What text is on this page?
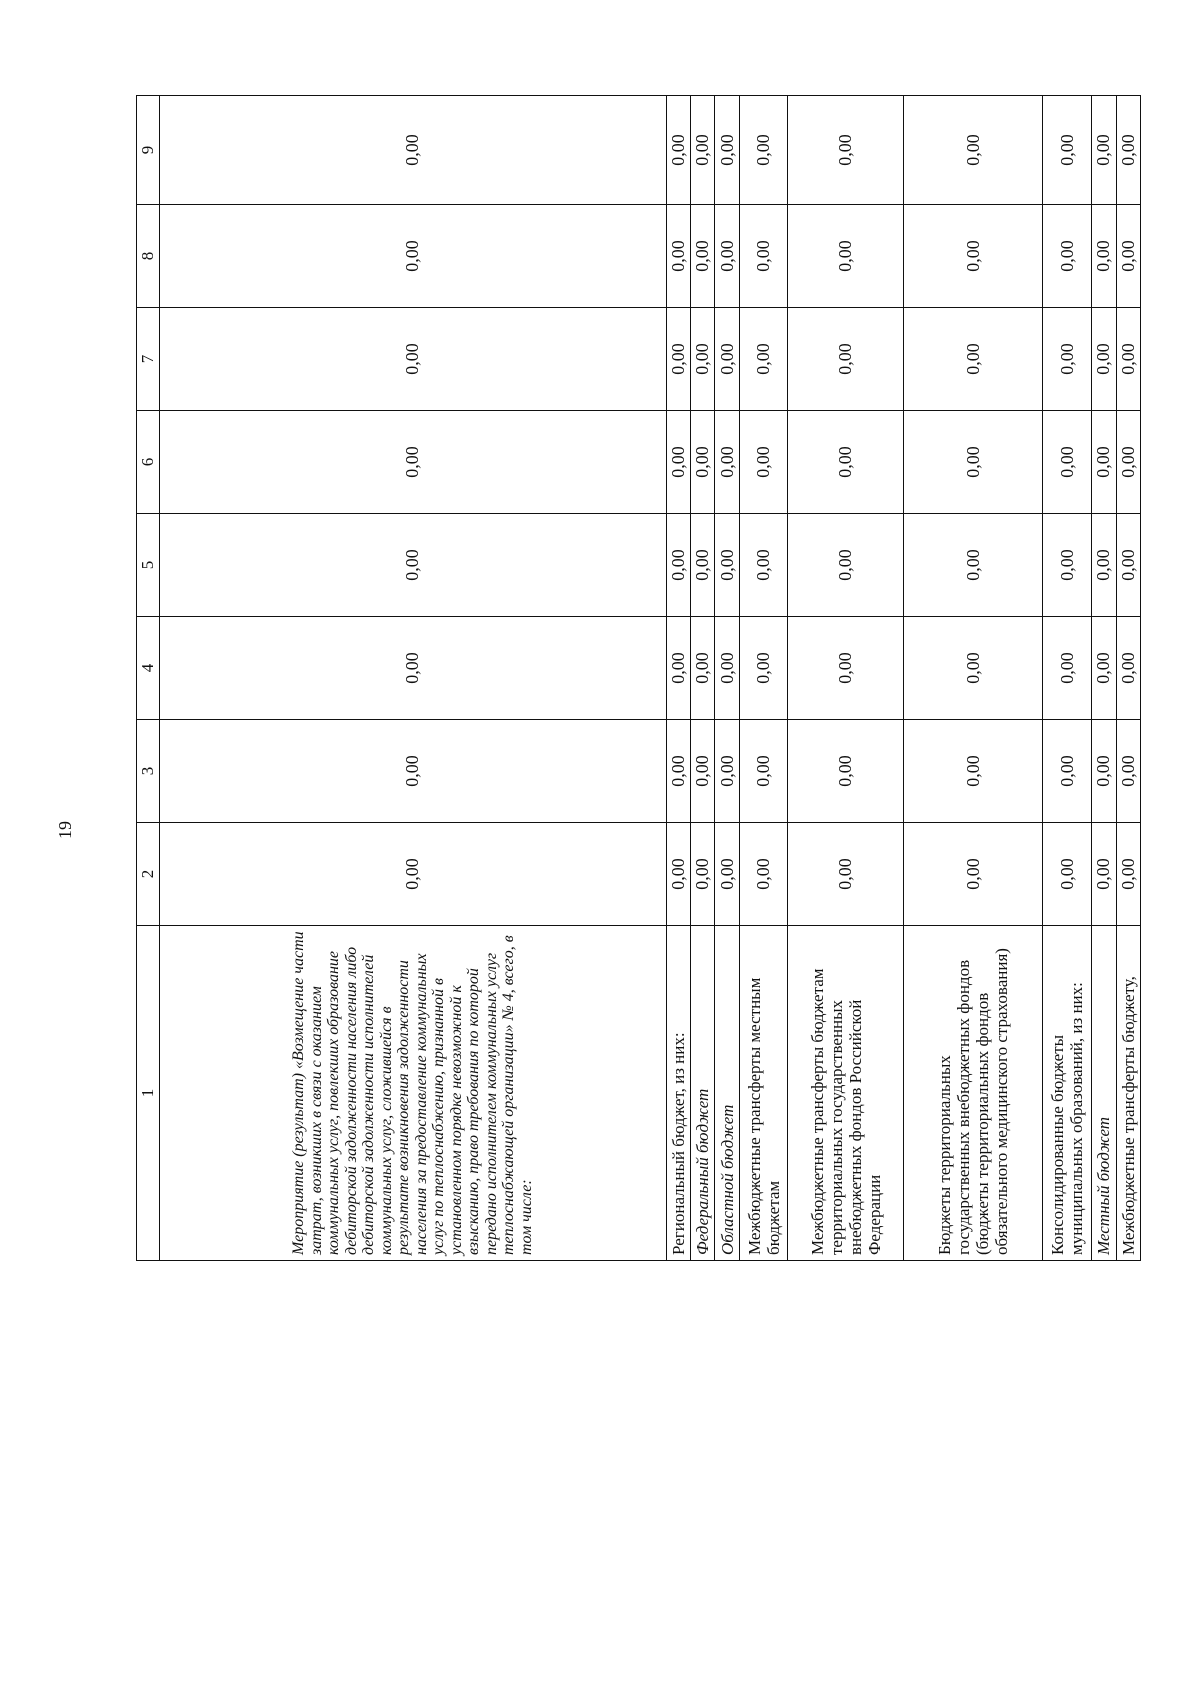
19
1	2	3	4	5	6	7	8	9
Мероприятие (результат) «Возмещение части затрат, возникших в связи с оказанием коммунальных услуг, повлекших образование дебиторской задолженности населения либо дебиторской задолженности исполнителей коммунальных услуг, сложившейся в результате возникновения задолженности населения за предоставление коммунальных услуг по теплоснабжению, признанной в установленном порядке невозможной к взысканию, право требования по которой передано исполнителем коммунальных услуг теплоснабжающей организации» № 4, всего, в том числе:	0,00	0,00	0,00	0,00	0,00	0,00	0,00	0,00
Региональный бюджет, из них:	0,00	0,00	0,00	0,00	0,00	0,00	0,00	0,00
Федеральный бюджет	0,00	0,00	0,00	0,00	0,00	0,00	0,00	0,00
Областной бюджет	0,00	0,00	0,00	0,00	0,00	0,00	0,00	0,00
Межбюджетные трансферты местным бюджетам	0,00	0,00	0,00	0,00	0,00	0,00	0,00	0,00
Межбюджетные трансферты бюджетам территориальных государственных внебюджетных фондов Российской Федерации	0,00	0,00	0,00	0,00	0,00	0,00	0,00	0,00
Бюджеты территориальных государственных внебюджетных фондов (бюджеты территориальных фондов обязательного медицинского страхования)	0,00	0,00	0,00	0,00	0,00	0,00	0,00	0,00
Консолидированные бюджеты муниципальных образований, из них:	0,00	0,00	0,00	0,00	0,00	0,00	0,00	0,00
Местный бюджет	0,00	0,00	0,00	0,00	0,00	0,00	0,00	0,00
Межбюджетные трансферты бюджету,	0,00	0,00	0,00	0,00	0,00	0,00	0,00	0,00
